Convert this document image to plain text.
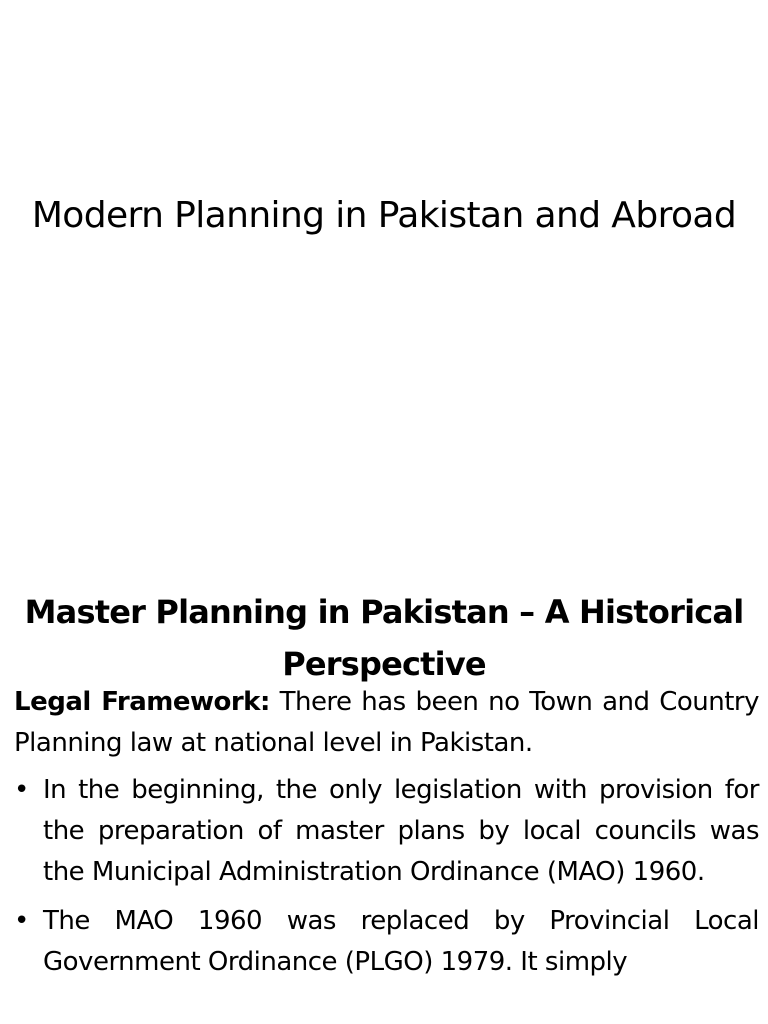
Modern Planning in Pakistan and Abroad
Master Planning in Pakistan – A Historical Perspective

Legal Framework: There has been no Town and Country Planning law at national level in Pakistan.

• In the beginning, the only legislation with provision for the preparation of master plans by local councils was the Municipal Administration Ordinance (MAO) 1960.
• The MAO 1960 was replaced by Provincial Local Government Ordinance (PLGO) 1979. It simply
